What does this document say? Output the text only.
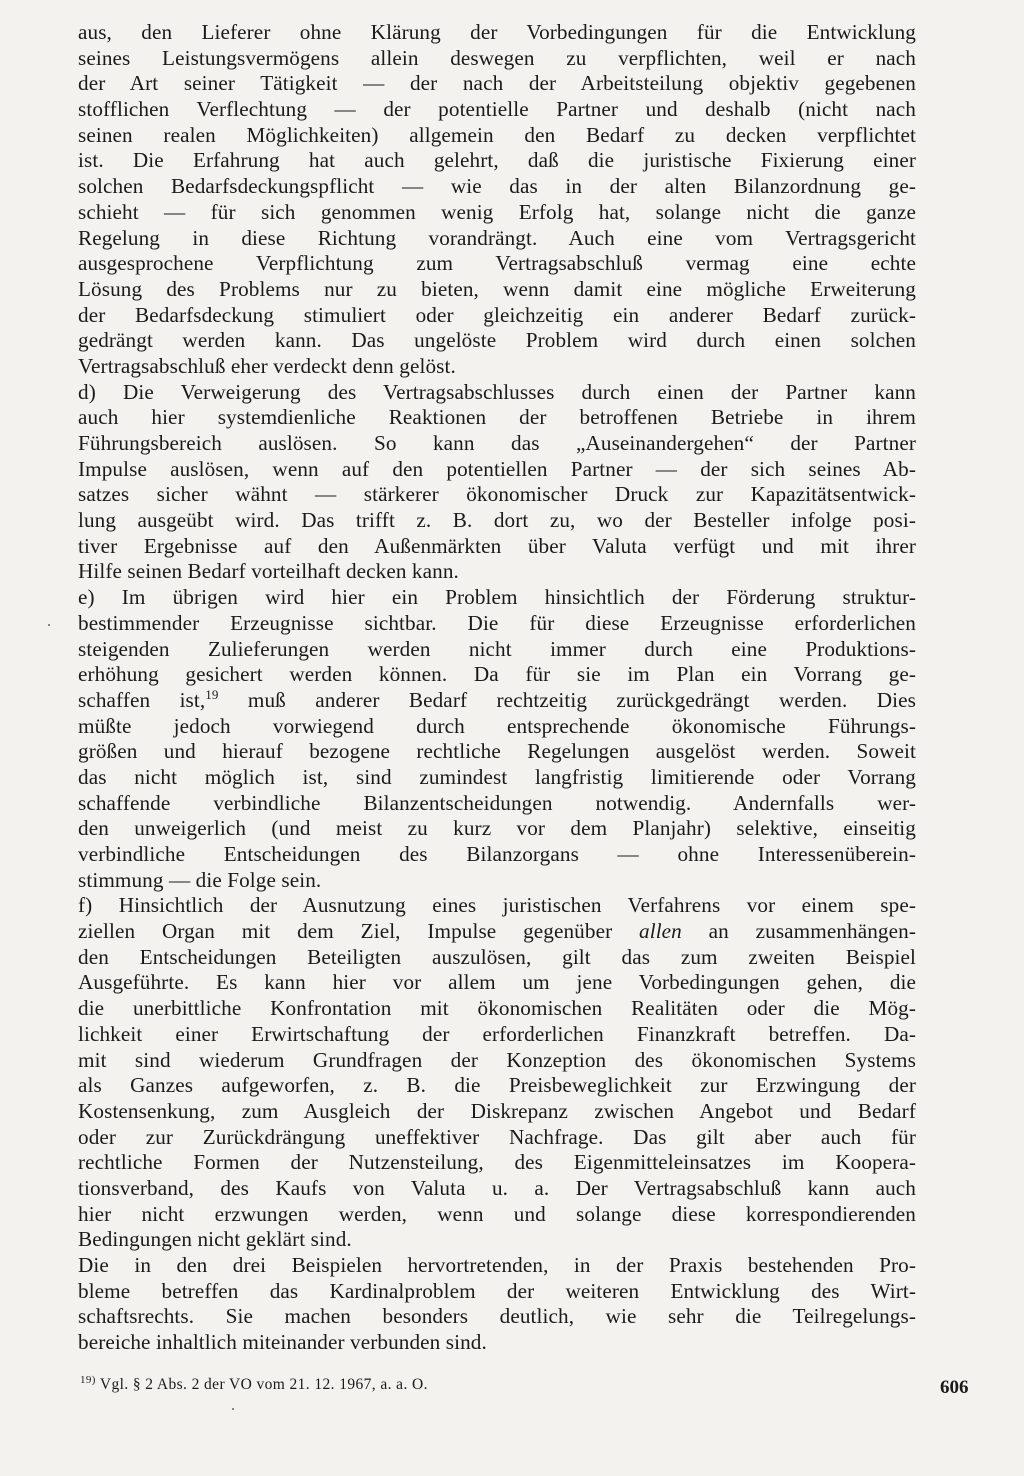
aus, den Lieferer ohne Klärung der Vorbedingungen für die Entwicklung
seines Leistungsvermögens allein deswegen zu verpflichten, weil er nach
der Art seiner Tätigkeit — der nach der Arbeitsteilung objektiv gegebenen
stofflichen Verflechtung — der potentielle Partner und deshalb (nicht nach
seinen realen Möglichkeiten) allgemein den Bedarf zu decken verpflichtet
ist. Die Erfahrung hat auch gelehrt, daß die juristische Fixierung einer
solchen Bedarfsdeckungspflicht — wie das in der alten Bilanzordnung ge-
schieht — für sich genommen wenig Erfolg hat, solange nicht die ganze
Regelung in diese Richtung vorandrängt. Auch eine vom Vertragsgericht
ausgesprochene Verpflichtung zum Vertragsabschluß vermag eine echte
Lösung des Problems nur zu bieten, wenn damit eine mögliche Erweiterung
der Bedarfsdeckung stimuliert oder gleichzeitig ein anderer Bedarf zurück-
gedrängt werden kann. Das ungelöste Problem wird durch einen solchen
Vertragsabschluß eher verdeckt denn gelöst.
d) Die Verweigerung des Vertragsabschlusses durch einen der Partner kann
auch hier systemdienliche Reaktionen der betroffenen Betriebe in ihrem
Führungsbereich auslösen. So kann das „Auseinandergehen“ der Partner
Impulse auslösen, wenn auf den potentiellen Partner — der sich seines Ab-
satzes sicher wähnt — stärkerer ökonomischer Druck zur Kapazitätsentwick-
lung ausgeübt wird. Das trifft z. B. dort zu, wo der Besteller infolge posi-
tiver Ergebnisse auf den Außenmärkten über Valuta verfügt und mit ihrer
Hilfe seinen Bedarf vorteilhaft decken kann.
e) Im übrigen wird hier ein Problem hinsichtlich der Förderung struktur-
bestimmender Erzeugnisse sichtbar. Die für diese Erzeugnisse erforderlichen
steigenden Zulieferungen werden nicht immer durch eine Produktions-
erhöhung gesichert werden können. Da für sie im Plan ein Vorrang ge-
schaffen ist,$^{19}$ muß anderer Bedarf rechtzeitig zurückgedrängt werden. Dies
müßte jedoch vorwiegend durch entsprechende ökonomische Führungs-
größen und hierauf bezogene rechtliche Regelungen ausgelöst werden. Soweit
das nicht möglich ist, sind zumindest langfristig limitierende oder Vorrang
schaffende verbindliche Bilanzentscheidungen notwendig. Andernfalls wer-
den unweigerlich (und meist zu kurz vor dem Planjahr) selektive, einseitig
verbindliche Entscheidungen des Bilanzorgans — ohne Interessenüberein-
stimmung — die Folge sein.
f) Hinsichtlich der Ausnutzung eines juristischen Verfahrens vor einem spe-
ziellen Organ mit dem Ziel, Impulse gegenüber allen an zusammenhängen-
den Entscheidungen Beteiligten auszulösen, gilt das zum zweiten Beispiel
Ausgeführte. Es kann hier vor allem um jene Vorbedingungen gehen, die
die unerbittliche Konfrontation mit ökonomischen Realitäten oder die Mög-
lichkeit einer Erwirtschaftung der erforderlichen Finanzkraft betreffen. Da-
mit sind wiederum Grundfragen der Konzeption des ökonomischen Systems
als Ganzes aufgeworfen, z. B. die Preisbeweglichkeit zur Erzwingung der
Kostensenkung, zum Ausgleich der Diskrepanz zwischen Angebot und Bedarf
oder zur Zurückdrängung uneffektiver Nachfrage. Das gilt aber auch für
rechtliche Formen der Nutzensteilung, des Eigenmitteleinsatzes im Koopera-
tionsverband, des Kaufs von Valuta u. a. Der Vertragsabschluß kann auch
hier nicht erzwungen werden, wenn und solange diese korrespondierenden
Bedingungen nicht geklärt sind.
Die in den drei Beispielen hervortretenden, in der Praxis bestehenden Pro-
bleme betreffen das Kardinalproblem der weiteren Entwicklung des Wirt-
schaftsrechts. Sie machen besonders deutlich, wie sehr die Teilregelungs-
bereiche inhaltlich miteinander verbunden sind.
$^{19)}$ Vgl. § 2 Abs. 2 der VO vom 21. 12. 1967, a. a. O.	606
